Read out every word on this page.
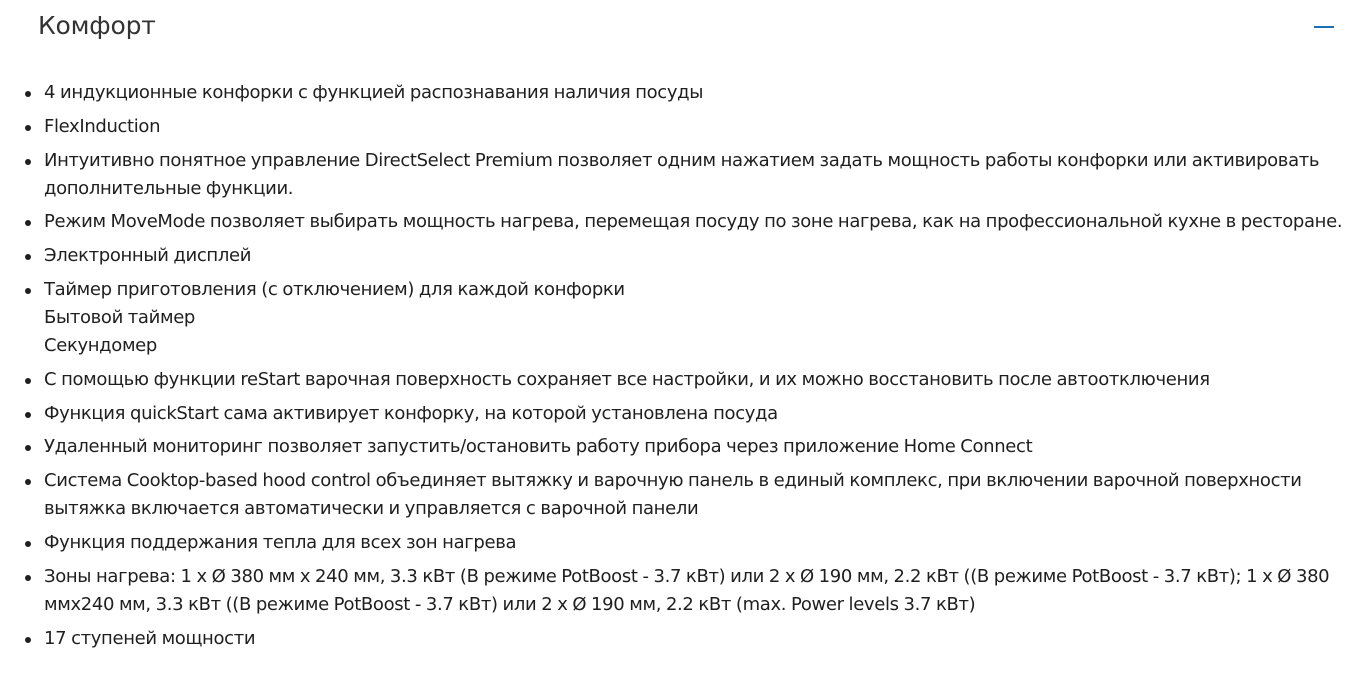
Комфорт
4 индукционные конфорки с функцией распознавания наличия посуды
FlexInduction
Интуитивно понятное управление DirectSelect Premium позволяет одним нажатием задать мощность работы конфорки или активировать дополнительные функции.
Режим MoveMode позволяет выбирать мощность нагрева, перемещая посуду по зоне нагрева, как на профессиональной кухне в ресторане.
Электронный дисплей
Таймер приготовления (с отключением) для каждой конфорки
Бытовой таймер
Секундомер
С помощью функции reStart варочная поверхность сохраняет все настройки, и их можно восстановить после автоотключения
Функция quickStart сама активирует конфорку, на которой установлена посуда
Удаленный мониторинг позволяет запустить/остановить работу прибора через приложение Home Connect
Система Cooktop-based hood control объединяет вытяжку и варочную панель в единый комплекс, при включении варочной поверхности вытяжка включается автоматически и управляется с варочной панели
Функция поддержания тепла для всех зон нагрева
Зоны нагрева: 1 x Ø 380 мм x 240 мм, 3.3 кВт (В режиме PotBoost - 3.7 кВт) или 2 x Ø 190 мм, 2.2 кВт ((В режиме PotBoost - 3.7 кВт); 1 x Ø 380 ммx240 мм, 3.3 кВт ((В режиме PotBoost - 3.7 кВт) или 2 x Ø 190 мм, 2.2 кВт (max. Power levels 3.7 кВт)
17 ступеней мощности
